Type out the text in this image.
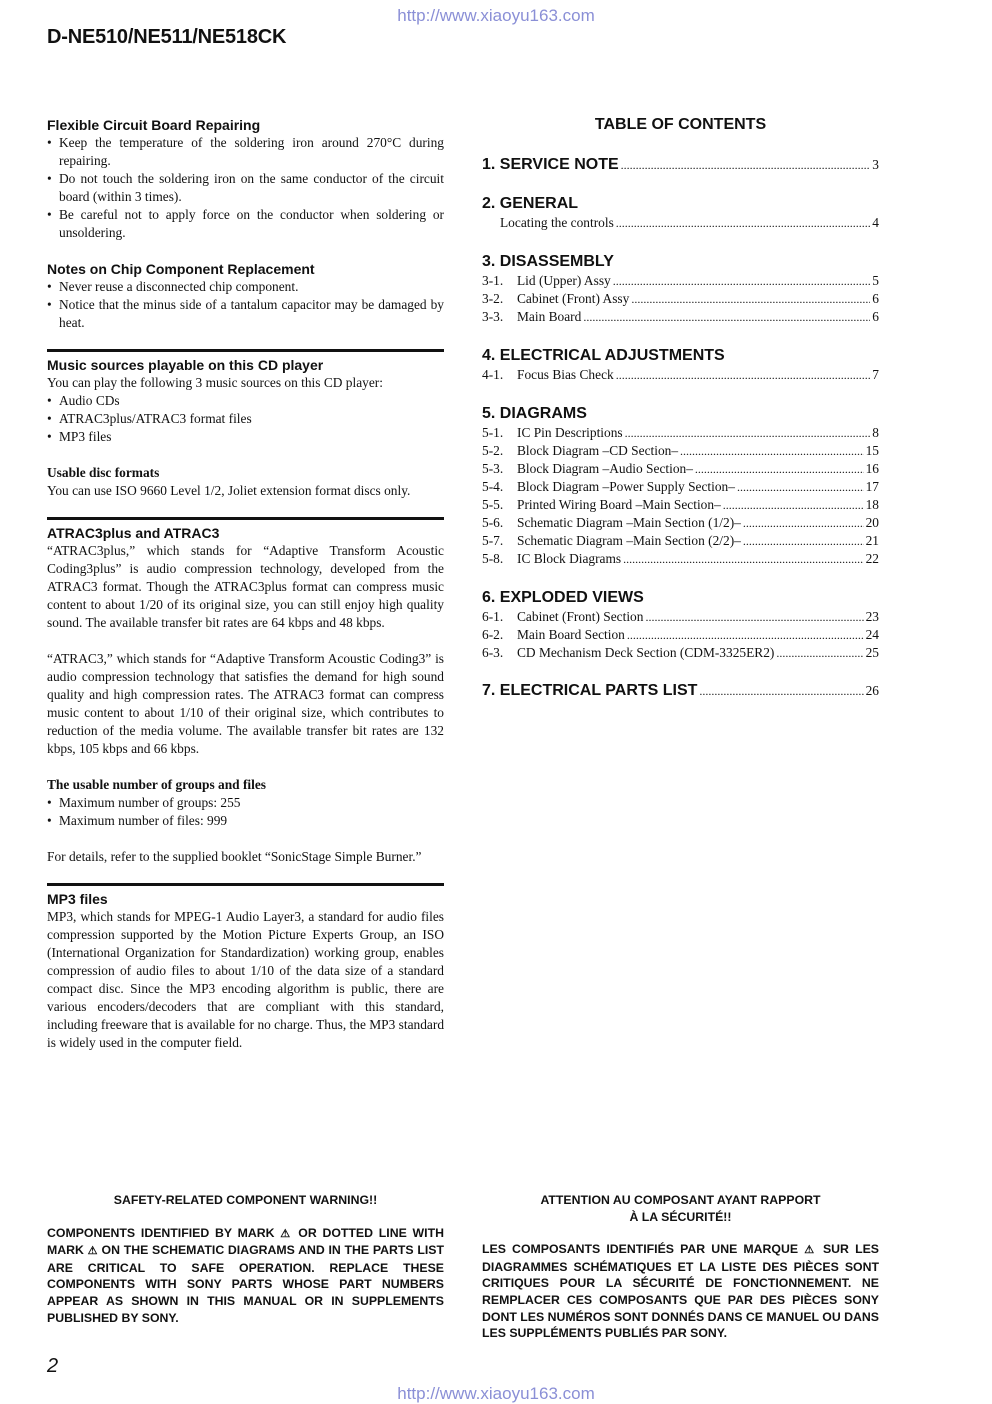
http://www.xiaoyu163.com
D-NE510/NE511/NE518CK
Flexible Circuit Board Repairing
• Keep the temperature of the soldering iron around 270°C during repairing.
• Do not touch the soldering iron on the same conductor of the circuit board (within 3 times).
• Be careful not to apply force on the conductor when soldering or unsoldering.
Notes on Chip Component Replacement
• Never reuse a disconnected chip component.
• Notice that the minus side of a tantalum capacitor may be damaged by heat.
Music sources playable on this CD player
You can play the following 3 music sources on this CD player:
• Audio CDs
• ATRAC3plus/ATRAC3 format files
• MP3 files
Usable disc formats
You can use ISO 9660 Level 1/2, Joliet extension format discs only.
ATRAC3plus and ATRAC3
“ATRAC3plus,” which stands for “Adaptive Transform Acoustic Coding3plus” is audio compression technology, developed from the ATRAC3 format. Though the ATRAC3plus format can compress music content to about 1/20 of its original size, you can still enjoy high quality sound. The available transfer bit rates are 64 kbps and 48 kbps.
“ATRAC3,” which stands for “Adaptive Transform Acoustic Coding3” is audio compression technology that satisfies the demand for high sound quality and high compression rates. The ATRAC3 format can compress music content to about 1/10 of their original size, which contributes to reduction of the media volume. The available transfer bit rates are 132 kbps, 105 kbps and 66 kbps.
The usable number of groups and files
• Maximum number of groups: 255
• Maximum number of files: 999
For details, refer to the supplied booklet “SonicStage Simple Burner.”
MP3 files
MP3, which stands for MPEG-1 Audio Layer3, a standard for audio files compression supported by the Motion Picture Experts Group, an ISO (International Organization for Standardization) working group, enables compression of audio files to about 1/10 of the data size of a standard compact disc. Since the MP3 encoding algorithm is public, there are various encoders/decoders that are compliant with this standard, including freeware that is available for no charge. Thus, the MP3 standard is widely used in the computer field.
TABLE OF CONTENTS
1. SERVICE NOTE .....	3
2. GENERAL
Locating the controls .....	4
3. DISASSEMBLY
3-1.	Lid (Upper) Assy .....	5
3-2.	Cabinet (Front) Assy .....	6
3-3.	Main Board .....	6
4. ELECTRICAL ADJUSTMENTS
4-1.	Focus Bias Check .....	7
5. DIAGRAMS
5-1.	IC Pin Descriptions .....	8
5-2.	Block Diagram –CD Section– .....	15
5-3.	Block Diagram –Audio Section– .....	16
5-4.	Block Diagram –Power Supply Section– .....	17
5-5.	Printed Wiring Board –Main Section– .....	18
5-6.	Schematic Diagram –Main Section (1/2)– .....	20
5-7.	Schematic Diagram –Main Section (2/2)– .....	21
5-8.	IC Block Diagrams .....	22
6. EXPLODED VIEWS
6-1.	Cabinet (Front) Section .....	23
6-2.	Main Board Section .....	24
6-3.	CD Mechanism Deck Section (CDM-3325ER2) .....	25
7. ELECTRICAL PARTS LIST .....	26
SAFETY-RELATED COMPONENT WARNING!!
COMPONENTS IDENTIFIED BY MARK ⚠ OR DOTTED LINE WITH MARK ⚠ ON THE SCHEMATIC DIAGRAMS AND IN THE PARTS LIST ARE CRITICAL TO SAFE OPERATION. REPLACE THESE COMPONENTS WITH SONY PARTS WHOSE PART NUMBERS APPEAR AS SHOWN IN THIS MANUAL OR IN SUPPLEMENTS PUBLISHED BY SONY.
ATTENTION AU COMPOSANT AYANT RAPPORT
À LA SÉCURITÉ!!
LES COMPOSANTS IDENTIFIÉS PAR UNE MARQUE ⚠ SUR LES DIAGRAMMES SCHÉMATIQUES ET LA LISTE DES PIÈCES SONT CRITIQUES POUR LA SÉCURITÉ DE FONCTIONNEMENT. NE REMPLACER CES COMPOSANTS QUE PAR DES PIÈCES SONY DONT LES NUMÉROS SONT DONNÉS DANS CE MANUEL OU DANS LES SUPPLÉMENTS PUBLIÉS PAR SONY.
2
http://www.xiaoyu163.com
